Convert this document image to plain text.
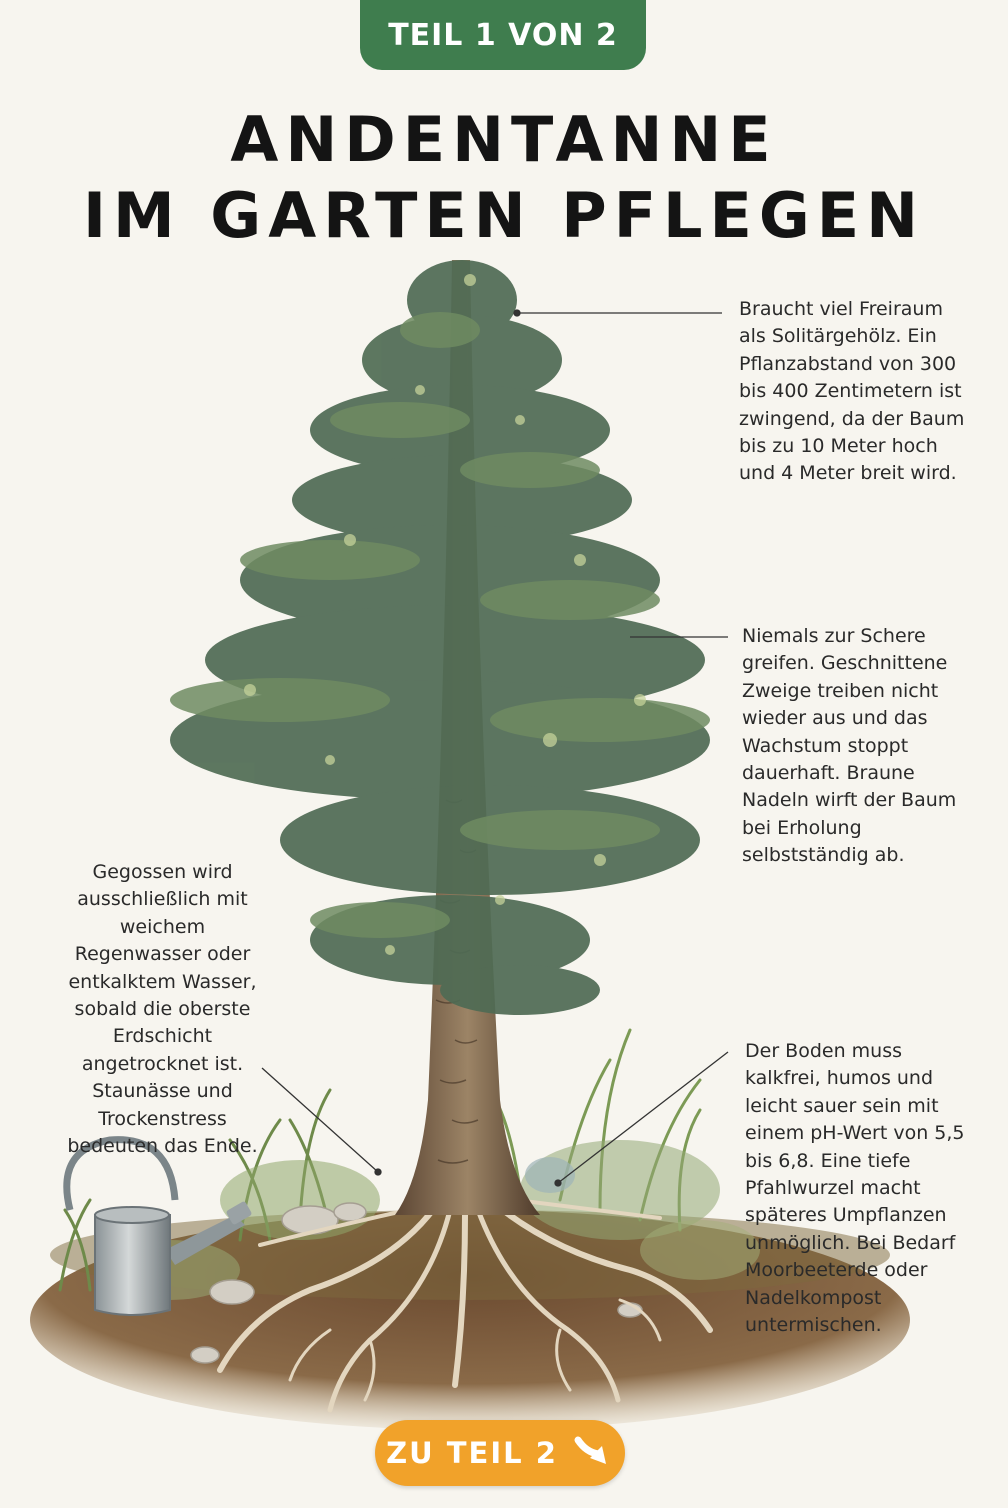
TEIL 1 VON 2
ANDENTANNE
IM GARTEN PFLEGEN
Braucht viel Freiraum als Solitärgehölz. Ein Pflanzabstand von 300 bis 400 Zentimetern ist zwingend, da der Baum bis zu 10 Meter hoch und 4 Meter breit wird.
Niemals zur Schere greifen. Geschnittene Zweige treiben nicht wieder aus und das Wachstum stoppt dauerhaft. Braune Nadeln wirft der Baum bei Erholung selbstständig ab.
Gegossen wird ausschließlich mit weichem Regenwasser oder entkalktem Wasser, sobald die oberste Erdschicht angetrocknet ist. Staunässe und Trockenstress bedeuten das Ende.
Der Boden muss kalkfrei, humos und leicht sauer sein mit einem pH-Wert von 5,5 bis 6,8. Eine tiefe Pfahlwurzel macht späteres Umpflanzen unmöglich. Bei Bedarf Moorbeeterde oder Nadelkompost untermischen.
ZU TEIL 2
